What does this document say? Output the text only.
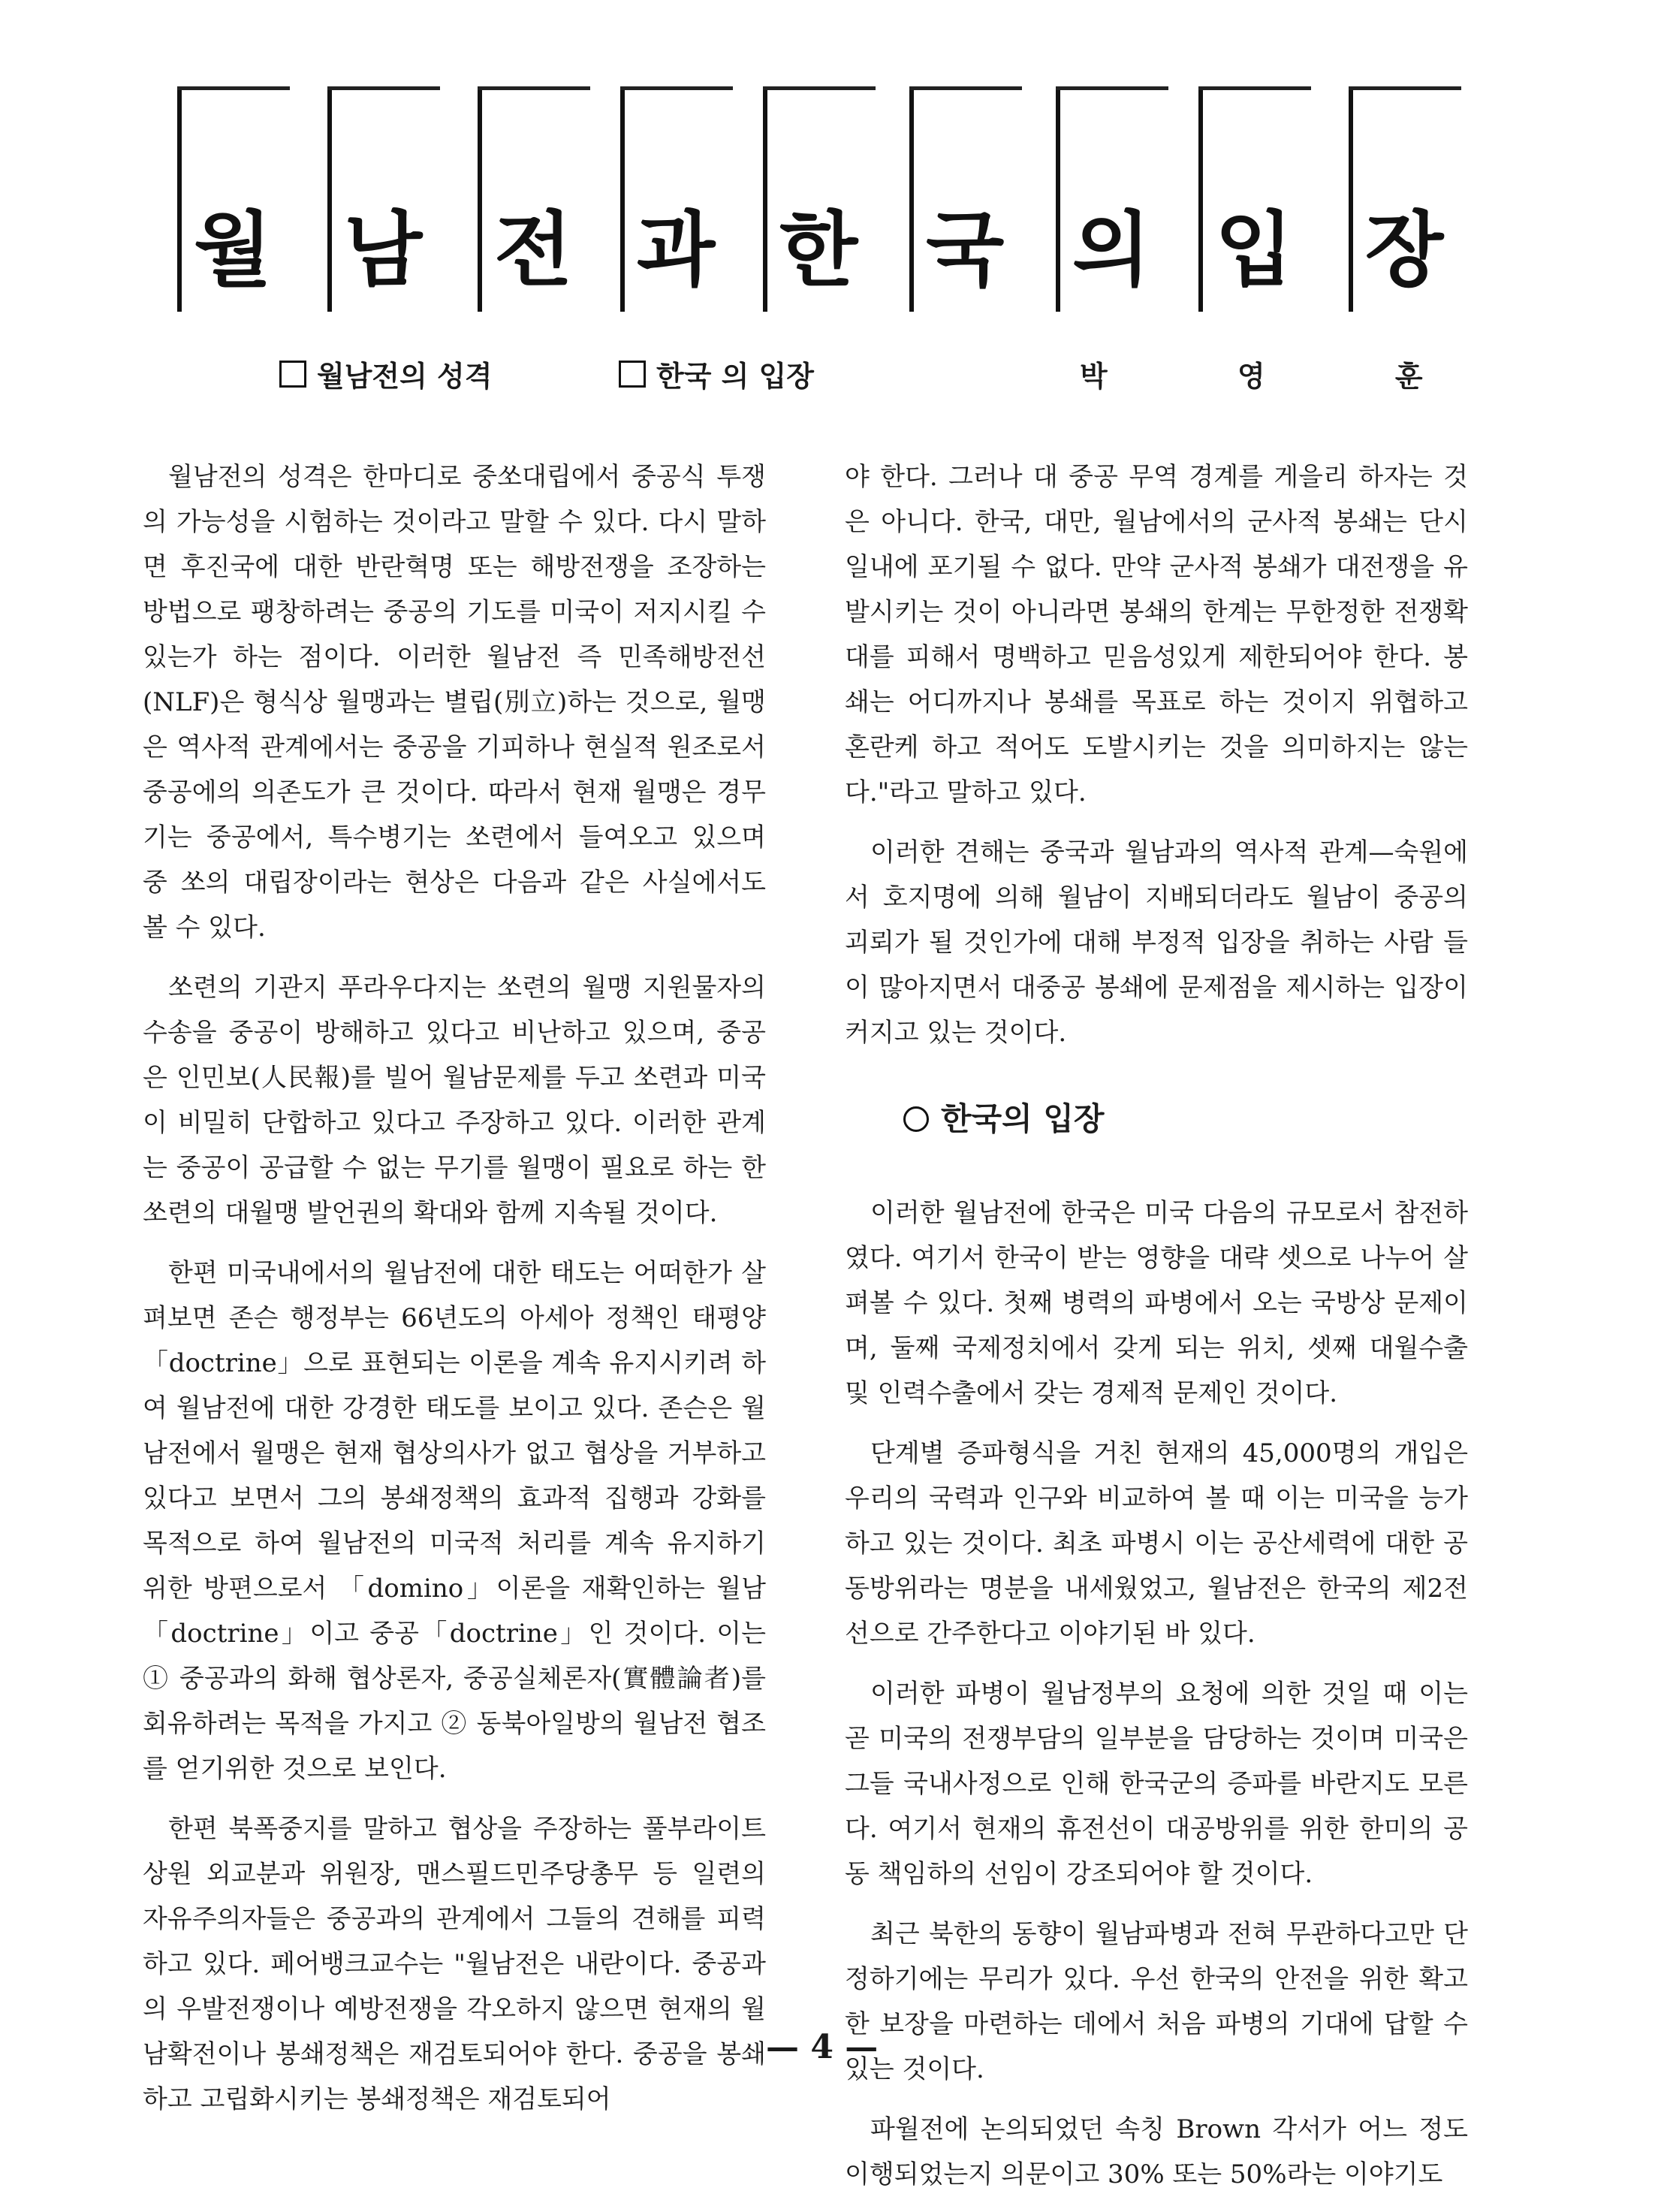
월 남 전 과 한 국 의 입 장
월남전의 성격	한국 의 입장	박 영 훈

월남전의 성격은 한마디로 중쏘대립에서 중공식 투쟁의 가능성을 시험하는 것이라고 말할 수 있다. 다시 말하면 후진국에 대한 반란혁명 또는 해방전쟁을 조장하는 방법으로 팽창하려는 중공의 기도를 미국이 저지시킬 수 있는가 하는 점이다. 이러한 월남전 즉 민족해방전선(NLF)은 형식상 월맹과는 별립(別立)하는 것으로, 월맹은 역사적 관계에서는 중공을 기피하나 현실적 원조로서 중공에의 의존도가 큰 것이다. 따라서 현재 월맹은 경무기는 중공에서, 특수병기는 쏘련에서 들여오고 있으며 중 쏘의 대립장이라는 현상은 다음과 같은 사실에서도 볼 수 있다.

쏘련의 기관지 푸라우다지는 쏘련의 월맹 지원물자의 수송을 중공이 방해하고 있다고 비난하고 있으며, 중공은 인민보(人民報)를 빌어 월남문제를 두고 쏘련과 미국이 비밀히 단합하고 있다고 주장하고 있다. 이러한 관계는 중공이 공급할 수 없는 무기를 월맹이 필요로 하는 한 쏘련의 대월맹 발언권의 확대와 함께 지속될 것이다.

한편 미국내에서의 월남전에 대한 태도는 어떠한가 살펴보면 존슨 행정부는 66년도의 아세아 정책인 태평양「doctrine」으로 표현되는 이론을 계속 유지시키려 하여 월남전에 대한 강경한 태도를 보이고 있다. 존슨은 월남전에서 월맹은 현재 협상의사가 없고 협상을 거부하고 있다고 보면서 그의 봉쇄정책의 효과적 집행과 강화를 목적으로 하여 월남전의 미국적 처리를 계속 유지하기 위한 방편으로서 「domino」이론을 재확인하는 월남「doctrine」이고 중공「doctrine」인 것이다. 이는 ① 중공과의 화해 협상론자, 중공실체론자(實體論者)를 회유하려는 목적을 가지고 ② 동북아일방의 월남전 협조를 얻기위한 것으로 보인다.

한편 북폭중지를 말하고 협상을 주장하는 풀부라이트상원 외교분과 위원장, 맨스필드민주당총무 등 일련의 자유주의자들은 중공과의 관계에서 그들의 견해를 피력하고 있다. 페어뱅크교수는 "월남전은 내란이다. 중공과의 우발전쟁이나 예방전쟁을 각오하지 않으면 현재의 월남확전이나 봉쇄정책은 재검토되어야 한다. 중공을 봉쇄하고 고립화시키는 봉쇄정책은 재검토되어

야 한다. 그러나 대 중공 무역 경계를 게을리 하자는 것은 아니다. 한국, 대만, 월남에서의 군사적 봉쇄는 단시일내에 포기될 수 없다. 만약 군사적 봉쇄가 대전쟁을 유발시키는 것이 아니라면 봉쇄의 한계는 무한정한 전쟁확대를 피해서 명백하고 믿음성있게 제한되어야 한다. 봉쇄는 어디까지나 봉쇄를 목표로 하는 것이지 위협하고 혼란케 하고 적어도 도발시키는 것을 의미하지는 않는다."라고 말하고 있다.

이러한 견해는 중국과 월남과의 역사적 관계—숙원에서 호지명에 의해 월남이 지배되더라도 월남이 중공의 괴뢰가 될 것인가에 대해 부정적 입장을 취하는 사람 들이 많아지면서 대중공 봉쇄에 문제점을 제시하는 입장이 커지고 있는 것이다.

한국의 입장

이러한 월남전에 한국은 미국 다음의 규모로서 참전하였다. 여기서 한국이 받는 영향을 대략 셋으로 나누어 살펴볼 수 있다. 첫째 병력의 파병에서 오는 국방상 문제이며, 둘째 국제정치에서 갖게 되는 위치, 셋째 대월수출 및 인력수출에서 갖는 경제적 문제인 것이다.

단계별 증파형식을 거친 현재의 45,000명의 개입은 우리의 국력과 인구와 비교하여 볼 때 이는 미국을 능가하고 있는 것이다. 최초 파병시 이는 공산세력에 대한 공동방위라는 명분을 내세웠었고, 월남전은 한국의 제2전선으로 간주한다고 이야기된 바 있다.

이러한 파병이 월남정부의 요청에 의한 것일 때 이는 곧 미국의 전쟁부담의 일부분을 담당하는 것이며 미국은 그들 국내사정으로 인해 한국군의 증파를 바란지도 모른다. 여기서 현재의 휴전선이 대공방위를 위한 한미의 공동 책임하의 선임이 강조되어야 할 것이다.

최근 북한의 동향이 월남파병과 전혀 무관하다고만 단정하기에는 무리가 있다. 우선 한국의 안전을 위한 확고한 보장을 마련하는 데에서 처음 파병의 기대에 답할 수 있는 것이다.

파월전에 논의되었던 속칭 Brown 각서가 어느 정도 이행되었는지 의문이고 30% 또는 50%라는 이야기도

— 4 —
